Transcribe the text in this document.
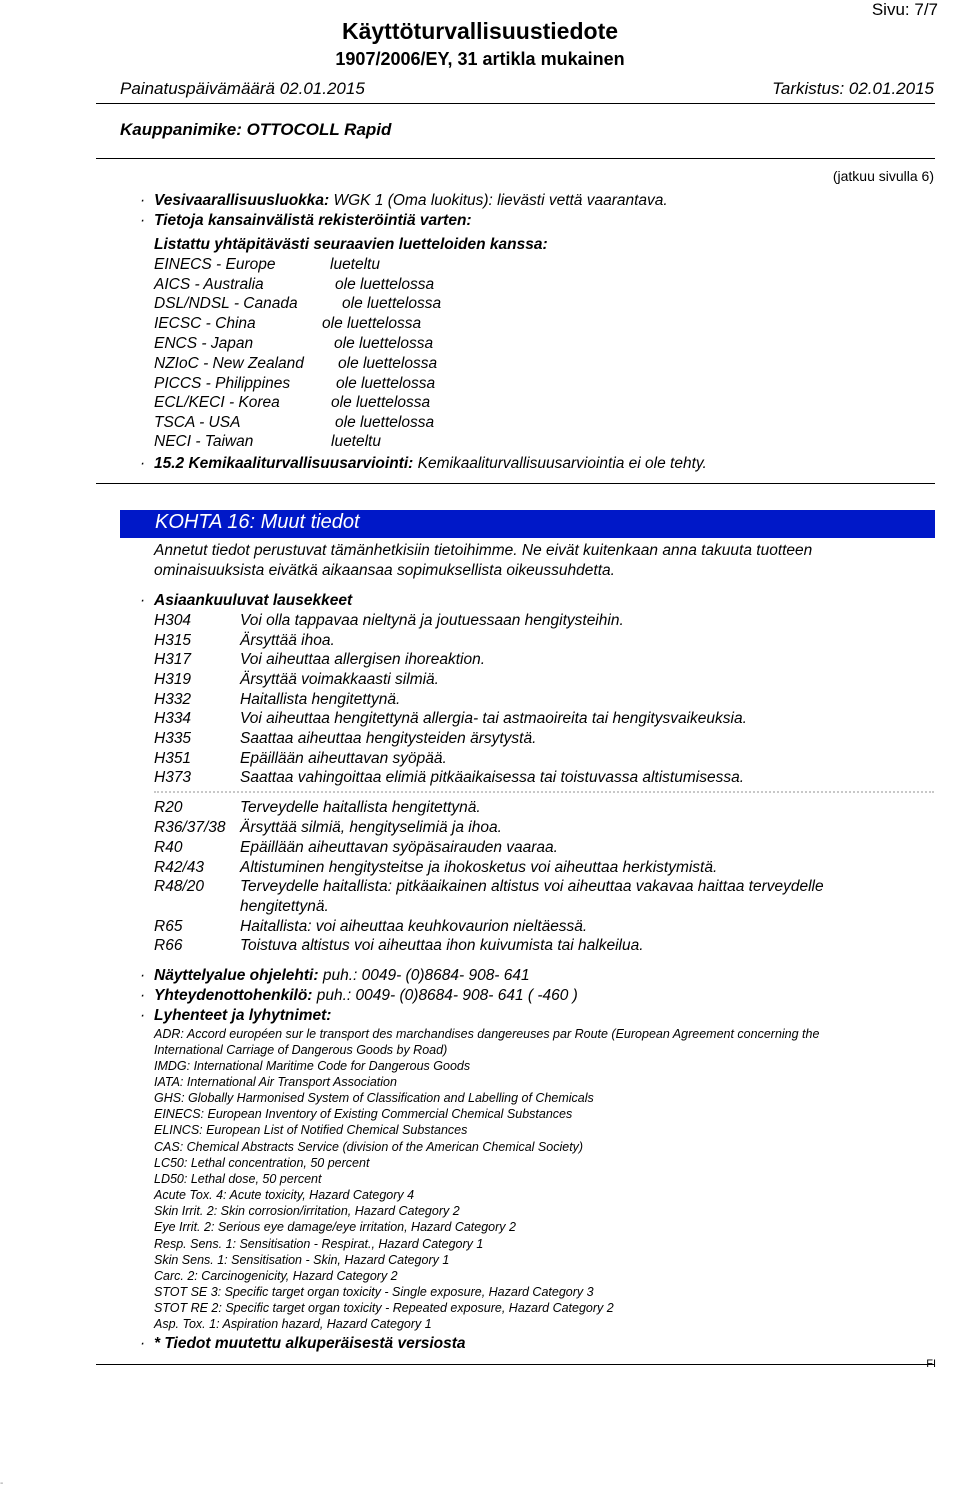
Sivu: 7/7
Käyttöturvallisuustiedote
1907/2006/EY, 31 artikla mukainen
Painatuspäivämäärä 02.01.2015	Tarkistus: 02.01.2015
Kauppanimike: OTTOCOLL Rapid
(jatkuu sivulla 6)
· Vesivaarallisuusluokka: WGK 1 (Oma luokitus): lievästi vettä vaarantava.
· Tietoja kansainvälistä rekisteröintiä varten:
Listattu yhtäpitävästi seuraavien luetteloiden kanssa:
EINECS - Europe	lueteltu
AICS - Australia	ole luettelossa
DSL/NDSL - Canada	ole luettelossa
IECSC - China	ole luettelossa
ENCS - Japan	ole luettelossa
NZIoC - New Zealand ole luettelossa
PICCS - Philippines	ole luettelossa
ECL/KECI - Korea	ole luettelossa
TSCA - USA	ole luettelossa
NECI - Taiwan	lueteltu
· 15.2 Kemikaaliturvallisuusarviointi: Kemikaaliturvallisuusarviointia ei ole tehty.
KOHTA 16: Muut tiedot
Annetut tiedot perustuvat tämänhetkisiin tietoihimme. Ne eivät kuitenkaan anna takuuta tuotteen
ominaisuuksista eivätkä aikaansaa sopimuksellista oikeussuhdetta.
· Asiaankuuluvat lausekkeet
H304	Voi olla tappavaa nieltynä ja joutuessaan hengitysteihin.
H315	Ärsyttää ihoa.
H317	Voi aiheuttaa allergisen ihoreaktion.
H319	Ärsyttää voimakkaasti silmiä.
H332	Haitallista hengitettynä.
H334	Voi aiheuttaa hengitettynä allergia- tai astmaoireita tai hengitysvaikeuksia.
H335	Saattaa aiheuttaa hengitysteiden ärsytystä.
H351	Epäillään aiheuttavan syöpää.
H373	Saattaa vahingoittaa elimiä pitkäaikaisessa tai toistuvassa altistumisessa.
R20	Terveydelle haitallista hengitettynä.
R36/37/38 Ärsyttää silmiä, hengityselimiä ja ihoa.
R40	Epäillään aiheuttavan syöpäsairauden vaaraa.
R42/43 Altistuminen hengitysteitse ja ihokosketus voi aiheuttaa herkistymistä.
R48/20 Terveydelle haitallista: pitkäaikainen altistus voi aiheuttaa vakavaa haittaa terveydelle
hengitettynä.
R65	Haitallista: voi aiheuttaa keuhkovaurion nieltäessä.
R66	Toistuva altistus voi aiheuttaa ihon kuivumista tai halkeilua.
· Näyttelyalue ohjelehti: puh.: 0049- (0)8684- 908- 641
· Yhteydenottohenkilö: puh.: 0049- (0)8684- 908- 641 ( -460 )
· Lyhenteet ja lyhytnimet:
ADR: Accord européen sur le transport des marchandises dangereuses par Route (European Agreement concerning the
International Carriage of Dangerous Goods by Road)
IMDG: International Maritime Code for Dangerous Goods
IATA: International Air Transport Association
GHS: Globally Harmonised System of Classification and Labelling of Chemicals
EINECS: European Inventory of Existing Commercial Chemical Substances
ELINCS: European List of Notified Chemical Substances
CAS: Chemical Abstracts Service (division of the American Chemical Society)
LC50: Lethal concentration, 50 percent
LD50: Lethal dose, 50 percent
Acute Tox. 4: Acute toxicity, Hazard Category 4
Skin Irrit. 2: Skin corrosion/irritation, Hazard Category 2
Eye Irrit. 2: Serious eye damage/eye irritation, Hazard Category 2
Resp. Sens. 1: Sensitisation - Respirat., Hazard Category 1
Skin Sens. 1: Sensitisation - Skin, Hazard Category 1
Carc. 2: Carcinogenicity, Hazard Category 2
STOT SE 3: Specific target organ toxicity - Single exposure, Hazard Category 3
STOT RE 2: Specific target organ toxicity - Repeated exposure, Hazard Category 2
Asp. Tox. 1: Aspiration hazard, Hazard Category 1
· * Tiedot muutettu alkuperäisestä versiosta
FI
-
